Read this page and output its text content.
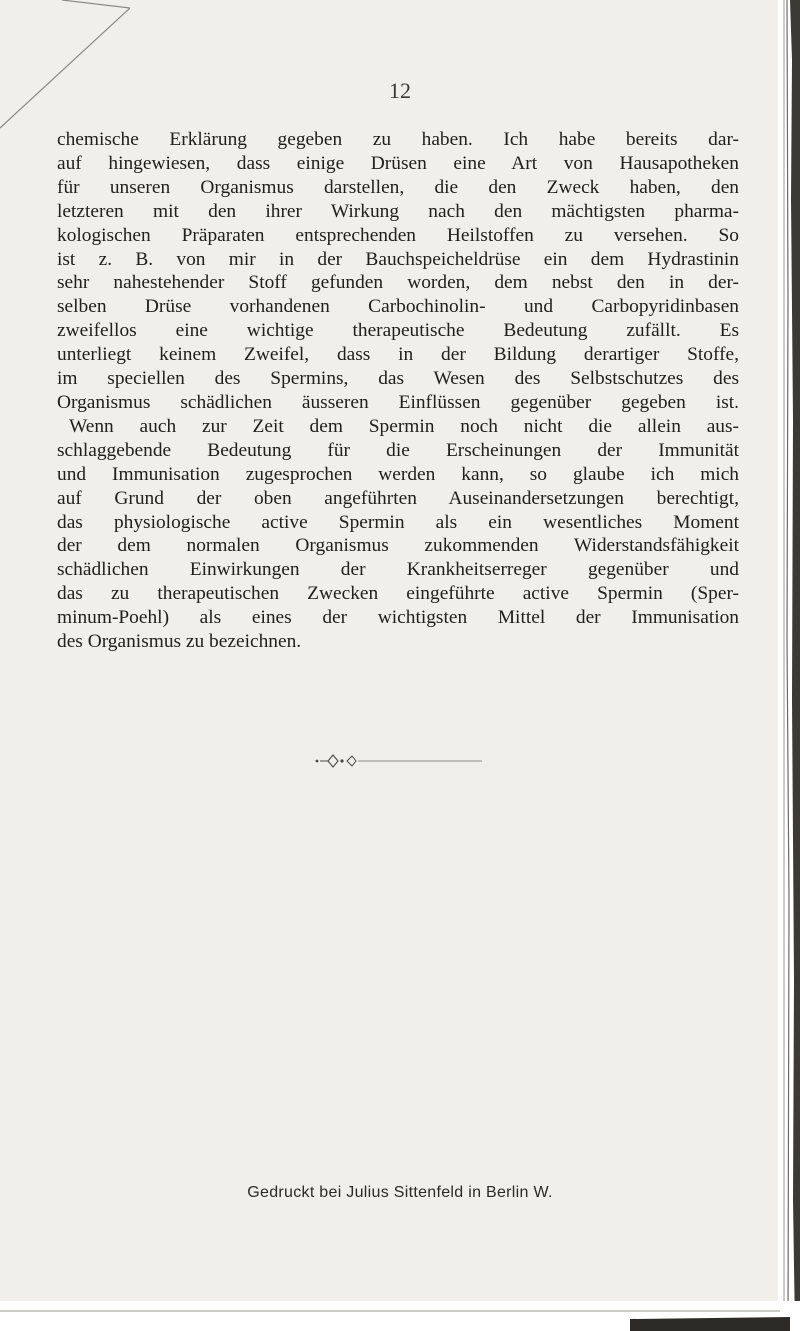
12
chemische Erklärung gegeben zu haben. Ich habe bereits dar-
auf hingewiesen, dass einige Drüsen eine Art von Hausapotheken
für unseren Organismus darstellen, die den Zweck haben, den
letzteren mit den ihrer Wirkung nach den mächtigsten pharma-
kologischen Präparaten entsprechenden Heilstoffen zu versehen. So
ist z. B. von mir in der Bauchspeicheldrüse ein dem Hydrastinin
sehr nahestehender Stoff gefunden worden, dem nebst den in der-
selben Drüse vorhandenen Carbochinolin- und Carbopyridinbasen
zweifellos eine wichtige therapeutische Bedeutung zufällt. Es
unterliegt keinem Zweifel, dass in der Bildung derartiger Stoffe,
im speciellen des Spermins, das Wesen des Selbstschutzes des
Organismus schädlichen äusseren Einflüssen gegenüber gegeben ist.
Wenn auch zur Zeit dem Spermin noch nicht die allein aus-
schlaggebende Bedeutung für die Erscheinungen der Immunität
und Immunisation zugesprochen werden kann, so glaube ich mich
auf Grund der oben angeführten Auseinandersetzungen berechtigt,
das physiologische active Spermin als ein wesentliches Moment
der dem normalen Organismus zukommenden Widerstandsfähigkeit
schädlichen Einwirkungen der Krankheitserreger gegenüber und
das zu therapeutischen Zwecken eingeführte active Spermin (Sper-
minum-Poehl) als eines der wichtigsten Mittel der Immunisation
des Organismus zu bezeichnen.
Gedruckt bei Julius Sittenfeld in Berlin W.
